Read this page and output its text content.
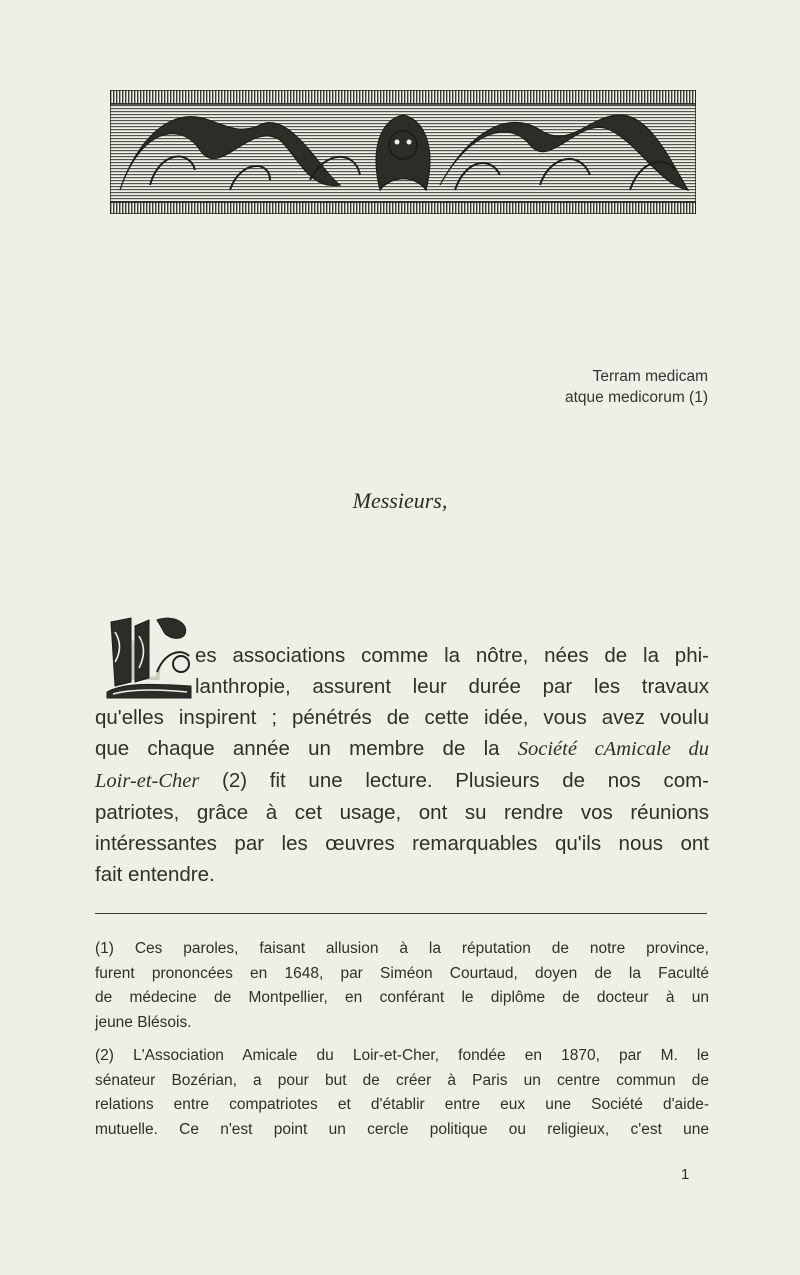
Terram medicam
atque medicorum (1)
Messieurs,
L	es associations comme la nôtre, nées de la phi-
lanthropie, assurent leur durée par les travaux
qu'elles inspirent ; pénétrés de cette idée, vous avez voulu
que chaque année un membre de la Société cAmicale du
Loir-et-Cher (2) fit une lecture. Plusieurs de nos com-
patriotes, grâce à cet usage, ont su rendre vos réunions
intéressantes par les œuvres remarquables qu'ils nous ont
fait entendre.

(1) Ces paroles, faisant allusion à la réputation de notre province,
furent prononcées en 1648, par Siméon Courtaud, doyen de la Faculté
de médecine de Montpellier, en conférant le diplôme de docteur à un
jeune Blésois.

(2) L'Association Amicale du Loir-et-Cher, fondée en 1870, par M. le
sénateur Bozérian, a pour but de créer à Paris un centre commun de
relations entre compatriotes et d'établir entre eux une Société d'aide-
mutuelle. Ce n'est point un cercle politique ou religieux, c'est une

1
